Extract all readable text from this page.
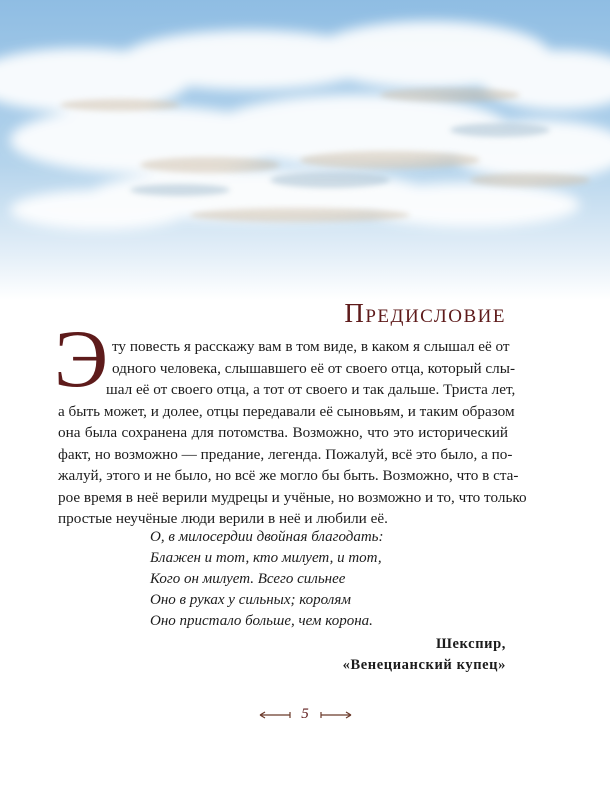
Предисловие
Э ту повесть я расскажу вам в том виде, в каком я слышал её от
одного человека, слышавшего её от своего отца, который слы-
шал её от своего отца, а тот от своего и так дальше. Триста лет,
а быть может, и долее, отцы передавали её сыновьям, и таким образом
она была сохранена для потомства. Возможно, что это исторический
факт, но возможно — предание, легенда. Пожалуй, всё это было, а по-
жалуй, этого и не было, но всё же могло бы быть. Возможно, что в ста-
рое время в неё верили мудрецы и учёные, но возможно и то, что только
простые неучёные люди верили в неё и любили её.

О, в милосердии двойная благодать:
Блажен и тот, кто милует, и тот,
Кого он милует. Всего сильнее
Оно в руках у сильных; королям
Оно пристало больше, чем корона.
Шекспир,
«Венецианский купец»
5
